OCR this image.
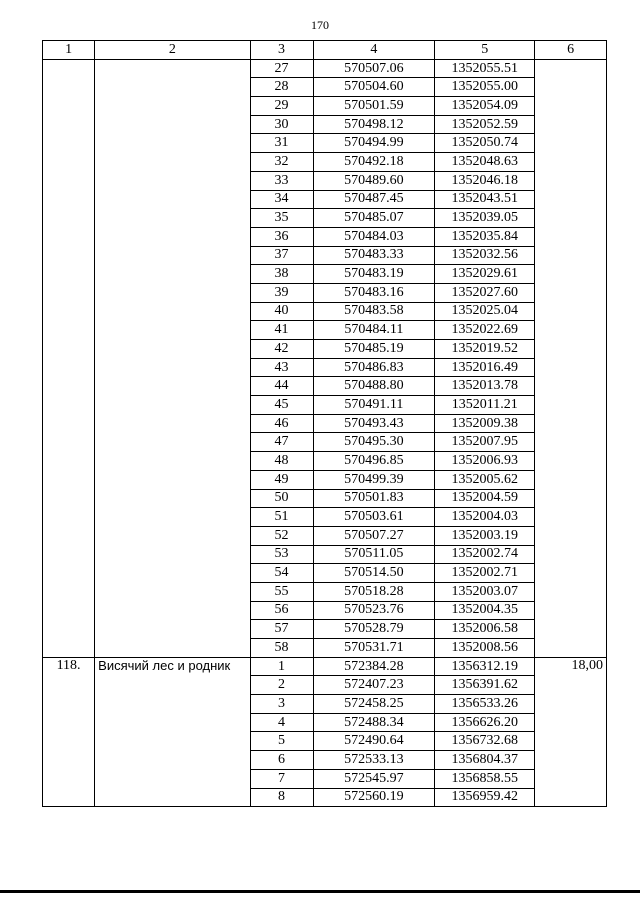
170
1	2	3	4	5	6
		27	570507.06	1352055.51	
		28	570504.60	1352055.00	
		29	570501.59	1352054.09	
		30	570498.12	1352052.59	
		31	570494.99	1352050.74	
		32	570492.18	1352048.63	
		33	570489.60	1352046.18	
		34	570487.45	1352043.51	
		35	570485.07	1352039.05	
		36	570484.03	1352035.84	
		37	570483.33	1352032.56	
		38	570483.19	1352029.61	
		39	570483.16	1352027.60	
		40	570483.58	1352025.04	
		41	570484.11	1352022.69	
		42	570485.19	1352019.52	
		43	570486.83	1352016.49	
		44	570488.80	1352013.78	
		45	570491.11	1352011.21	
		46	570493.43	1352009.38	
		47	570495.30	1352007.95	
		48	570496.85	1352006.93	
		49	570499.39	1352005.62	
		50	570501.83	1352004.59	
		51	570503.61	1352004.03	
		52	570507.27	1352003.19	
		53	570511.05	1352002.74	
		54	570514.50	1352002.71	
		55	570518.28	1352003.07	
		56	570523.76	1352004.35	
		57	570528.79	1352006.58	
		58	570531.71	1352008.56	
118.	Висячий лес и родник	1	572384.28	1356312.19	18,00
		2	572407.23	1356391.62	
		3	572458.25	1356533.26	
		4	572488.34	1356626.20	
		5	572490.64	1356732.68	
		6	572533.13	1356804.37	
		7	572545.97	1356858.55	
		8	572560.19	1356959.42	
